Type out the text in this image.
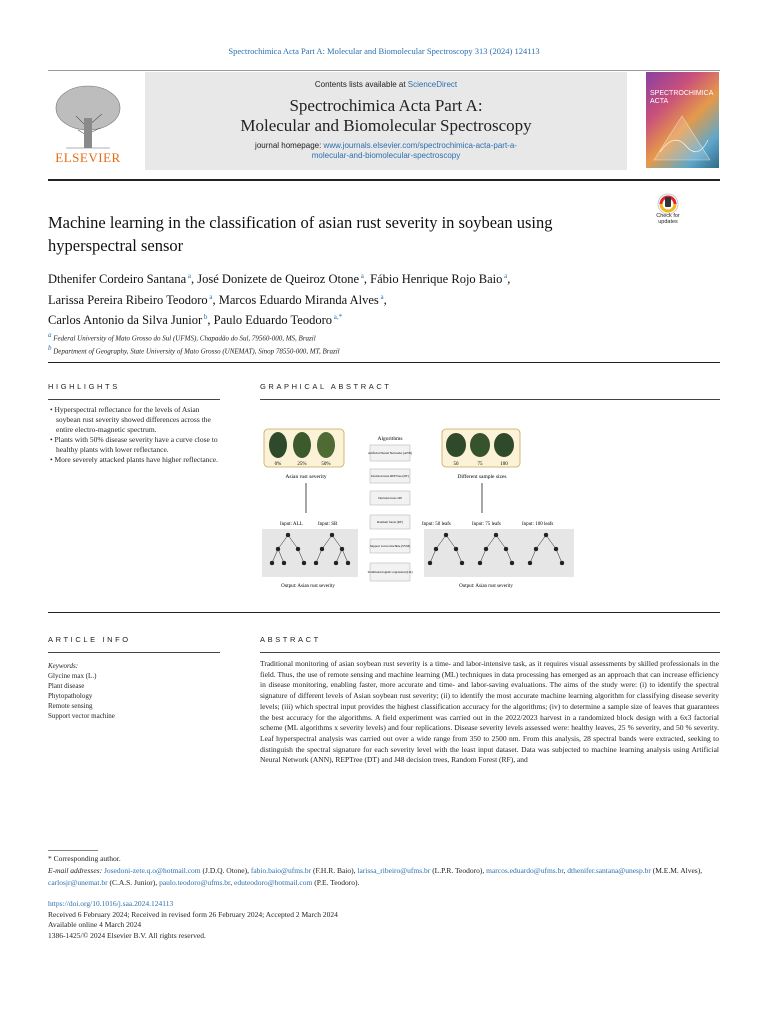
Spectrochimica Acta Part A: Molecular and Biomolecular Spectroscopy 313 (2024) 124113
ELSEVIER
Contents lists available at ScienceDirect
Spectrochimica Acta Part A:
Molecular and Biomolecular Spectroscopy
journal homepage: www.journals.elsevier.com/spectrochimica-acta-part-a-
molecular-and-biomolecular-spectroscopy
SPECTROCHIMICA ACTA
Machine learning in the classification of asian rust severity in soybean using
hyperspectral sensor
Check for updates
Dthenifer Cordeiro Santana $^a$, José Donizete de Queiroz Otone $^a$, Fábio Henrique Rojo Baio $^a$,
Larissa Pereira Ribeiro Teodoro $^a$, Marcos Eduardo Miranda Alves $^a$,
Carlos Antonio da Silva Junior $^b$, Paulo Eduardo Teodoro $^{a,*}$
$^a$ Federal University of Mato Grosso do Sul (UFMS), Chapadão do Sul, 79560-000, MS, Brazil
$^b$ Department of Geography, State University of Mato Grosso (UNEMAT), Sinop 78550-000, MT, Brazil
HIGHLIGHTS
• Hyperspectral reflectance for the levels of Asian soybean rust severity showed differences across the entire electro-magnetic spectrum.
• Plants with 50% disease severity have a curve close to healthy plants with lower reflectance.
• More severely attacked plants have higher reflectance.
GRAPHICAL ABSTRACT
0%	25%	50%
Asian rust severity
Algorithms
Artificial Neural Networks (ANN)
Decision trees REPTree (DT)
Decision trees J48
Random forest (RF)
Support vector machine (SVM)
Traditional logistic regression (LR)
50	75	100
Different sample sizes
Input: ALL	Input: SB	Input: 50 leafs	Input: 75 leafs	Input: 100 leafs
Output: Asian rust severity	Output: Asian rust severity
ARTICLE INFO
Keywords:
Glycine max (L.)
Plant disease
Phytopathology
Remote sensing
Support vector machine
ABSTRACT
Traditional monitoring of asian soybean rust severity is a time- and labor-intensive task, as it requires visual assessments by skilled professionals in the field. Thus, the use of remote sensing and machine learning (ML) techniques in data processing has emerged as an approach that can increase efficiency in disease monitoring, enabling faster, more accurate and time- and labor-saving evaluations. The aims of the study were: (i) to identify the spectral signature of different levels of Asian soybean rust severity; (ii) to identify the most accurate machine learning algorithm for classifying disease severity levels; (iii) which spectral input provides the highest classification accuracy for the algorithms; (iv) to determine a sample size of leaves that guarantees the best accuracy for the algorithms. A field experiment was carried out in the 2022/2023 harvest in a randomized block design with a 6x3 factorial scheme (ML algorithms x severity levels) and four replications. Disease severity levels assessed were: healthy leaves, 25 % severity, and 50 % severity. Leaf hyperspectral analysis was carried out over a wide range from 350 to 2500 nm. From this analysis, 28 spectral bands were extracted, seeking to distinguish the spectral signature for each severity level with the least input dataset. Data was subjected to machine learning analysis using Artificial Neural Network (ANN), REPTree (DT) and J48 decision trees, Random Forest (RF), and
* Corresponding author.
E-mail addresses: Josedoni-zete.q.o@hotmail.com (J.D.Q. Otone), fabio.baio@ufms.br (F.H.R. Baio), larissa_ribeiro@ufms.br (L.P.R. Teodoro), marcos.eduardo@ufms.br, dthenifer.santana@unesp.br (M.E.M. Alves), carlosjr@unemat.br (C.A.S. Junior), paulo.teodoro@ufms.br, eduteodoro@hotmail.com (P.E. Teodoro).
https://doi.org/10.1016/j.saa.2024.124113
Received 6 February 2024; Received in revised form 26 February 2024; Accepted 2 March 2024
Available online 4 March 2024
1386-1425/© 2024 Elsevier B.V. All rights reserved.
